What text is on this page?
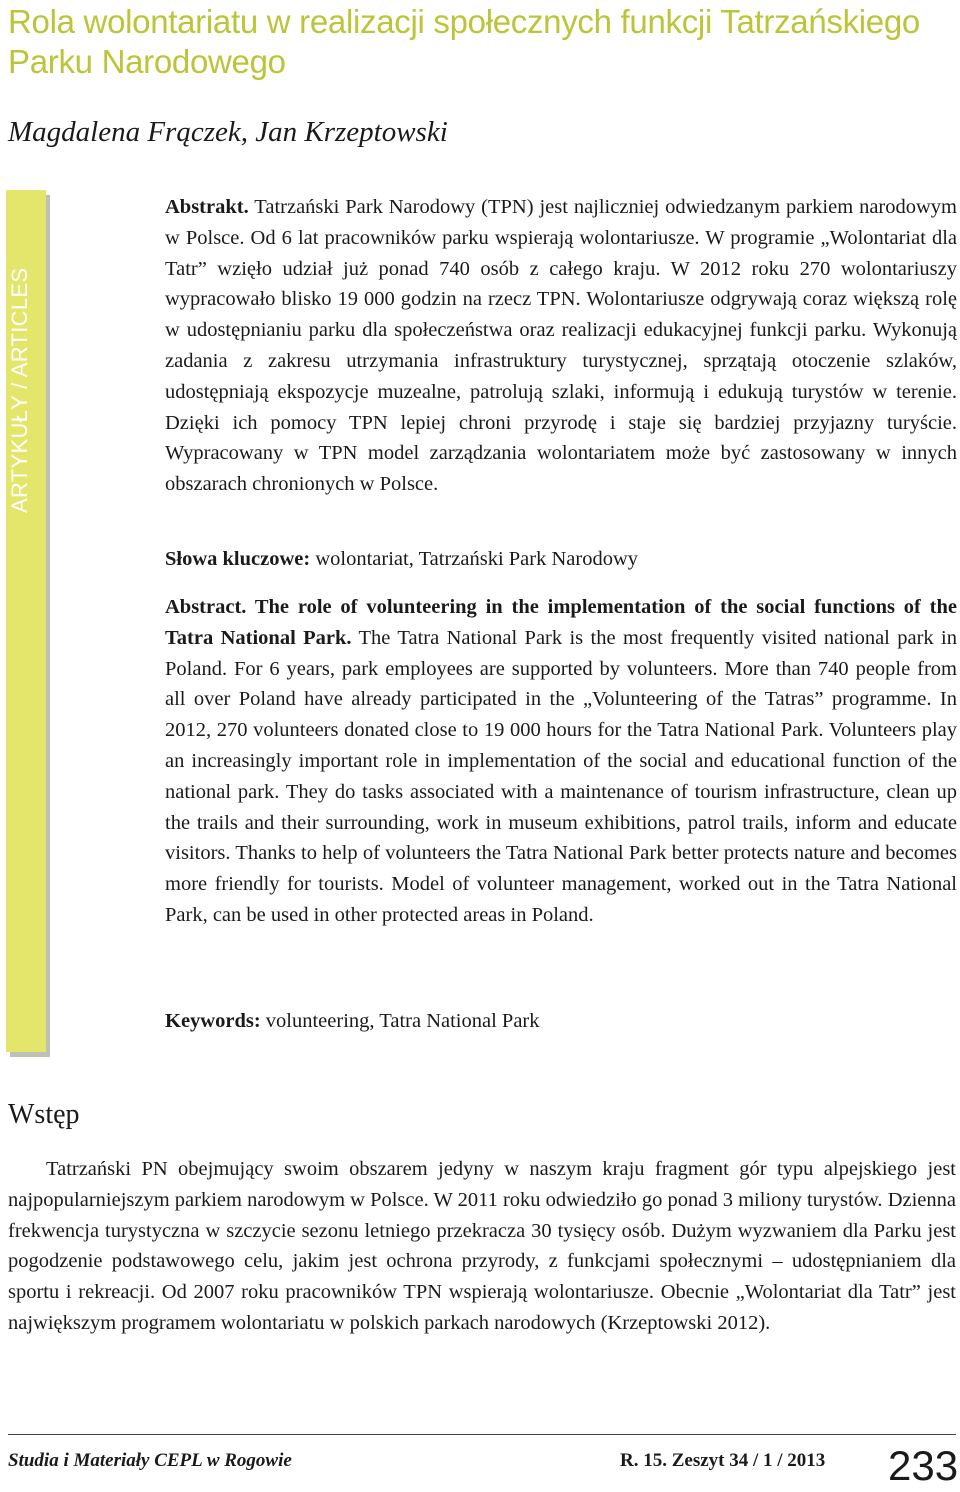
Rola wolontariatu w realizacji społecznych funkcji Tatrzańskiego Parku Narodowego
Magdalena Frączek, Jan Krzeptowski
ARTYKUŁY / ARTICLES

Abstrakt. Tatrzański Park Narodowy (TPN) jest najliczniej odwiedzanym parkiem narodowym w Polsce. Od 6 lat pracowników parku wspierają wolontariusze. W programie „Wolontariat dla Tatr” wzięło udział już ponad 740 osób z całego kraju. W 2012 roku 270 wolontariuszy wypracowało blisko 19 000 godzin na rzecz TPN. Wolontariusze odgrywają coraz większą rolę w udostępnianiu parku dla społeczeństwa oraz realizacji edukacyjnej funkcji parku. Wykonują zadania z zakresu utrzymania infrastruktury turystycznej, sprzątają otoczenie szlaków, udostępniają ekspozycje muzealne, patrolują szlaki, informują i edukują turystów w terenie. Dzięki ich pomocy TPN lepiej chroni przyrodę i staje się bardziej przyjazny turyście. Wypracowany w TPN model zarządzania wolontariatem może być zastosowany w innych obszarach chronionych w Polsce.

Słowa kluczowe: wolontariat, Tatrzański Park Narodowy

Abstract. The role of volunteering in the implementation of the social functions of the Tatra National Park. The Tatra National Park is the most frequently visited national park in Poland. For 6 years, park employees are supported by volunteers. More than 740 people from all over Poland have already participated in the „Volunteering of the Tatras” programme. In 2012, 270 volunteers donated close to 19 000 hours for the Tatra National Park. Volunteers play an increasingly important role in implementation of the social and educational function of the national park. They do tasks associated with a maintenance of tourism infrastructure, clean up the trails and their surrounding, work in museum exhibitions, patrol trails, inform and educate visitors. Thanks to help of volunteers the Tatra National Park better protects nature and becomes more friendly for tourists. Model of volunteer management, worked out in the Tatra National Park, can be used in other protected areas in Poland.

Keywords: volunteering, Tatra National Park

Wstęp

Tatrzański PN obejmujący swoim obszarem jedyny w naszym kraju fragment gór typu alpejskiego jest najpopularniejszym parkiem narodowym w Polsce. W 2011 roku odwiedziło go ponad 3 miliony turystów. Dzienna frekwencja turystyczna w szczycie sezonu letniego przekracza 30 tysięcy osób. Dużym wyzwaniem dla Parku jest pogodzenie podstawowego celu, jakim jest ochrona przyrody, z funkcjami społecznymi – udostępnianiem dla sportu i rekreacji. Od 2007 roku pracowników TPN wspierają wolontariusze. Obecnie „Wolontariat dla Tatr” jest największym programem wolontariatu w polskich parkach narodowych (Krzeptowski 2012).

Studia i Materiały CEPL w Rogowie	R. 15. Zeszyt 34 / 1 / 2013 233
